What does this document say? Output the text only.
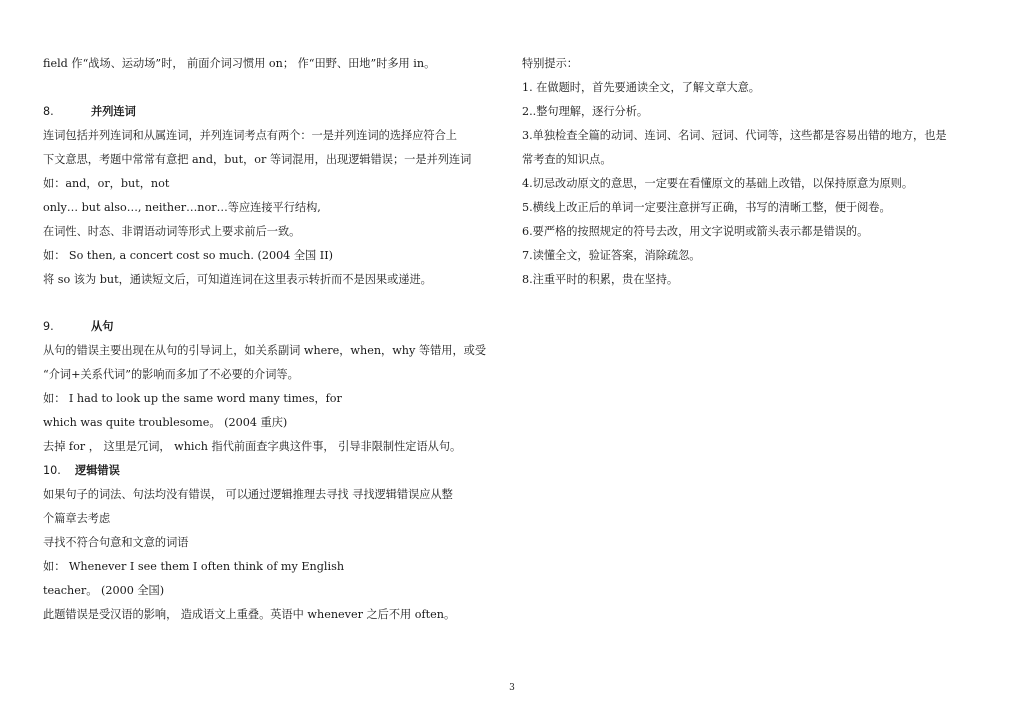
field 作“战场、运动场”时， 前面介词习惯用 on； 作“田野、田地”时多用 in。
8.	并列连词
连词包括并列连词和从属连词，并列连词考点有两个：一是并列连词的选择应符合上
下文意思，考题中常常有意把 and，but，or 等词混用，出现逻辑错误；一是并列连词
如：and，or，but，not
only… but also…, neither…nor…等应连接平行结构,
在词性、时态、非谓语动词等形式上要求前后一致。
如： So then, a concert cost so much. (2004 全国 II)
将 so 该为 but，通读短文后，可知道连词在这里表示转折而不是因果或递进。
9.	从句
从句的错误主要出现在从句的引导词上，如关系副词 where，when，why 等错用，或受
“介词+关系代词”的影响而多加了不必要的介词等。
如： I had to look up the same word many times，for
which was quite troublesome。 (2004 重庆)
去掉 for ， 这里是冗词， which 指代前面查字典这件事， 引导非限制性定语从句。
10. 逻辑错误
如果句子的词法、句法均没有错误， 可以通过逻辑推理去寻找 寻找逻辑错误应从整
个篇章去考虑
寻找不符合句意和文意的词语
如： Whenever I see them I often think of my English
teacher。 (2000 全国)
此题错误是受汉语的影响， 造成语文上重叠。英语中 whenever 之后不用 often。
特别提示：
1. 在做题时，首先要通读全文，了解文章大意。
2..整句理解，逐行分析。
3.单独检查全篇的动词、连词、名词、冠词、代词等，这些都是容易出错的地方，也是
常考查的知识点。
4.切忌改动原文的意思，一定要在看懂原文的基础上改错，以保持原意为原则。
5.横线上改正后的单词一定要注意拼写正确，书写的清晰工整，便于阅卷。
6.要严格的按照规定的符号去改，用文字说明或箭头表示都是错误的。
7.读懂全文，验证答案，消除疏忽。
8.注重平时的积累，贵在坚持。
3
